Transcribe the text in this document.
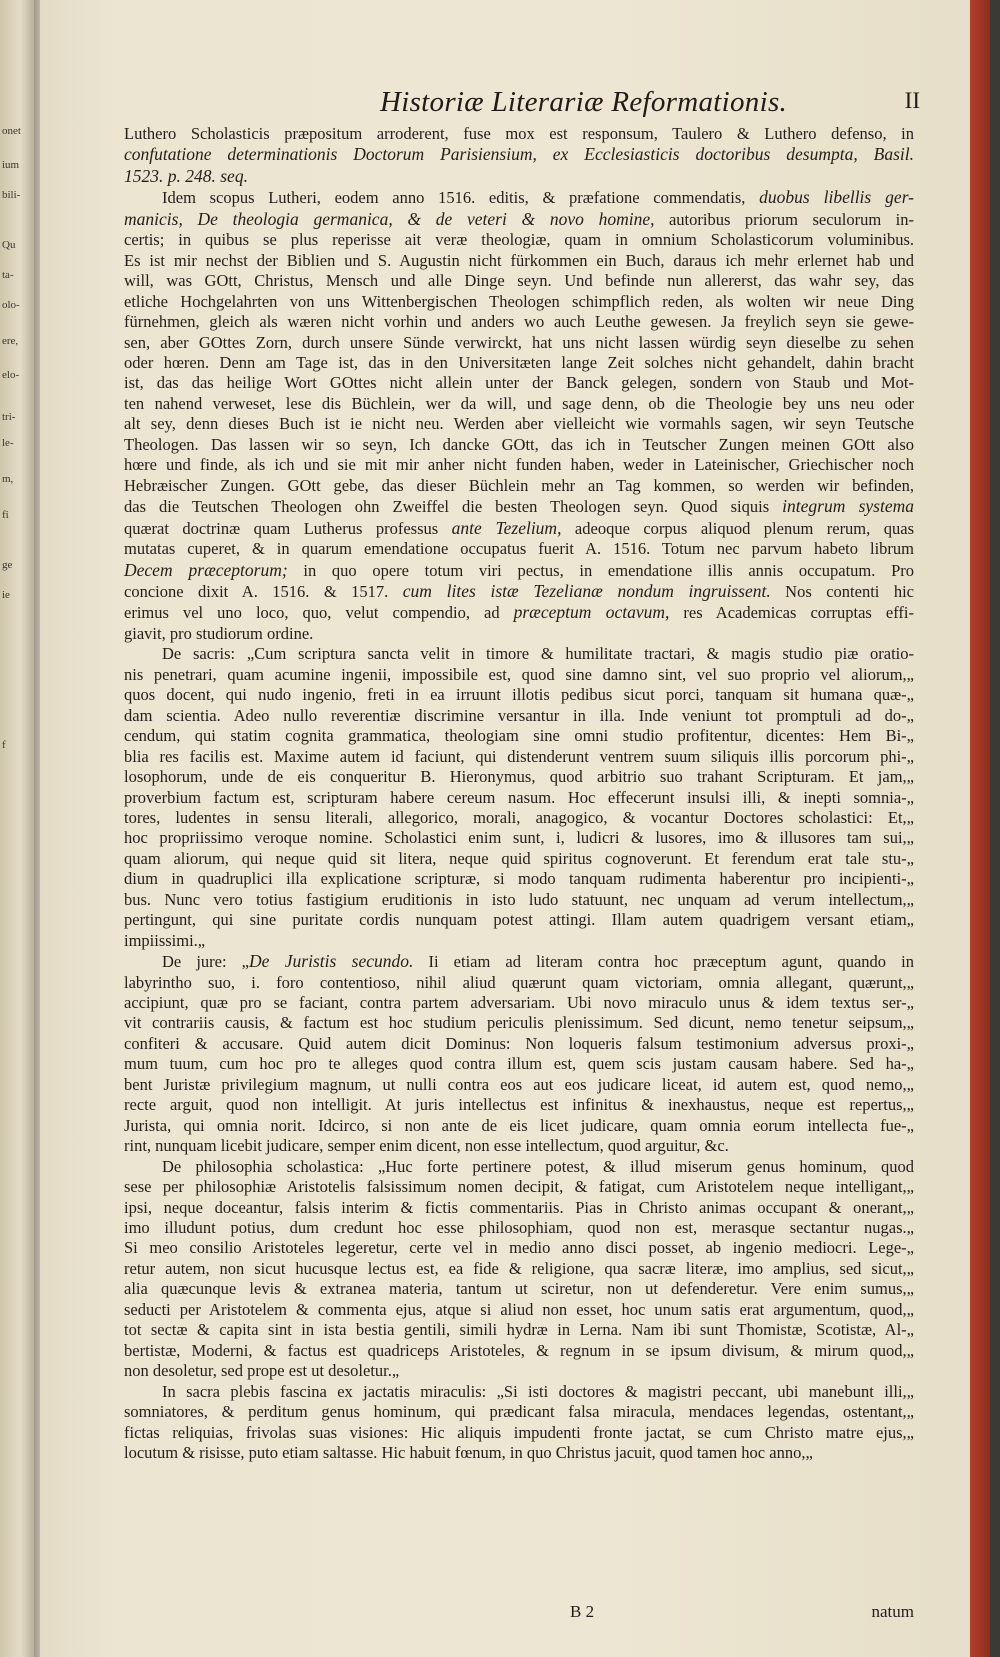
onet
ium
bili-
Qu
ta-
olo-
ere,
elo-
tri-
le-
m,
fi
ge
ie
f
Historiæ Literariæ Reformationis.	II

Luthero Scholasticis præpositum arroderent, fuse mox est responsum, Taulero & Luthero defenso, in

confutatione determinationis Doctorum Parisiensium, ex Ecclesiasticis doctoribus desumpta, Basil.

1523. p. 248. seq.

Idem scopus Lutheri, eodem anno 1516. editis, & præfatione commendatis, duobus libellis ger-

manicis, De theologia germanica, & de veteri & novo homine, autoribus priorum seculorum in-

certis; in quibus se plus reperisse ait veræ theologiæ, quam in omnium Scholasticorum voluminibus.

Es ist mir nechst der Biblien und S. Augustin nicht fürkommen ein Buch, daraus ich mehr erlernet hab und

will, was GOtt, Christus, Mensch und alle Dinge seyn. Und befinde nun allererst, das wahr sey, das

etliche Hochgelahrten von uns Wittenbergischen Theologen schimpflich reden, als wolten wir neue Ding

fürnehmen, gleich als wæren nicht vorhin und anders wo auch Leuthe gewesen. Ja freylich seyn sie gewe-

sen, aber GOttes Zorn, durch unsere Sünde verwirckt, hat uns nicht lassen würdig seyn dieselbe zu sehen

oder hœren. Denn am Tage ist, das in den Universitæten lange Zeit solches nicht gehandelt, dahin bracht

ist, das das heilige Wort GOttes nicht allein unter der Banck gelegen, sondern von Staub und Mot-

ten nahend verweset, lese dis Büchlein, wer da will, und sage denn, ob die Theologie bey uns neu oder

alt sey, denn dieses Buch ist ie nicht neu. Werden aber vielleicht wie vormahls sagen, wir seyn Teutsche

Theologen. Das lassen wir so seyn, Ich dancke GOtt, das ich in Teutscher Zungen meinen GOtt also

hœre und finde, als ich und sie mit mir anher nicht funden haben, weder in Lateinischer, Griechischer noch

Hebræischer Zungen. GOtt gebe, das dieser Büchlein mehr an Tag kommen, so werden wir befinden,

das die Teutschen Theologen ohn Zweiffel die besten Theologen seyn. Quod siquis integrum systema

quærat doctrinæ quam Lutherus professus ante Tezelium, adeoque corpus aliquod plenum rerum, quas

mutatas cuperet, & in quarum emendatione occupatus fuerit A. 1516. Totum nec parvum habeto librum

Decem præceptorum; in quo opere totum viri pectus, in emendatione illis annis occupatum. Pro

concione dixit A. 1516. & 1517. cum lites istæ Tezelianæ nondum ingruissent. Nos contenti hic

erimus vel uno loco, quo, velut compendio, ad præceptum octavum, res Academicas corruptas effi-

giavit, pro studiorum ordine.

De sacris: „Cum scriptura sancta velit in timore & humilitate tractari, & magis studio piæ oratio-

nis penetrari, quam acumine ingenii, impossibile est, quod sine damno sint, vel suo proprio vel aliorum,„

quos docent, qui nudo ingenio, freti in ea irruunt illotis pedibus sicut porci, tanquam sit humana quæ-„

dam scientia. Adeo nullo reverentiæ discrimine versantur in illa. Inde veniunt tot promptuli ad do-„

cendum, qui statim cognita grammatica, theologiam sine omni studio profitentur, dicentes: Hem Bi-„

blia res facilis est. Maxime autem id faciunt, qui distenderunt ventrem suum siliquis illis porcorum phi-„

losophorum, unde de eis conqueritur B. Hieronymus, quod arbitrio suo trahant Scripturam. Et jam,„

proverbium factum est, scripturam habere cereum nasum. Hoc effecerunt insulsi illi, & inepti somnia-„

tores, ludentes in sensu literali, allegorico, morali, anagogico, & vocantur Doctores scholastici: Et,„

hoc propriissimo veroque nomine. Scholastici enim sunt, i, ludicri & lusores, imo & illusores tam sui,„

quam aliorum, qui neque quid sit litera, neque quid spiritus cognoverunt. Et ferendum erat tale stu-„

dium in quadruplici illa explicatione scripturæ, si modo tanquam rudimenta haberentur pro incipienti-„

bus. Nunc vero totius fastigium eruditionis in isto ludo statuunt, nec unquam ad verum intellectum,„

pertingunt, qui sine puritate cordis nunquam potest attingi. Illam autem quadrigem versant etiam„

impiissimi.„

De jure: „De Juristis secundo. Ii etiam ad literam contra hoc præceptum agunt, quando in

labyrintho suo, i. foro contentioso, nihil aliud quærunt quam victoriam, omnia allegant, quærunt,„

accipiunt, quæ pro se faciant, contra partem adversariam. Ubi novo miraculo unus & idem textus ser-„

vit contrariis causis, & factum est hoc studium periculis plenissimum. Sed dicunt, nemo tenetur seipsum,„

confiteri & accusare. Quid autem dicit Dominus: Non loqueris falsum testimonium adversus proxi-„

mum tuum, cum hoc pro te alleges quod contra illum est, quem scis justam causam habere. Sed ha-„

bent Juristæ privilegium magnum, ut nulli contra eos aut eos judicare liceat, id autem est, quod nemo,„

recte arguit, quod non intelligit. At juris intellectus est infinitus & inexhaustus, neque est repertus,„

Jurista, qui omnia norit. Idcirco, si non ante de eis licet judicare, quam omnia eorum intellecta fue-„

rint, nunquam licebit judicare, semper enim dicent, non esse intellectum, quod arguitur, &c.

De philosophia scholastica: „Huc forte pertinere potest, & illud miserum genus hominum, quod

sese per philosophiæ Aristotelis falsissimum nomen decipit, & fatigat, cum Aristotelem neque intelligant,„

ipsi, neque doceantur, falsis interim & fictis commentariis. Pias in Christo animas occupant & onerant,„

imo illudunt potius, dum credunt hoc esse philosophiam, quod non est, merasque sectantur nugas.„

Si meo consilio Aristoteles legeretur, certe vel in medio anno disci posset, ab ingenio mediocri. Lege-„

retur autem, non sicut hucusque lectus est, ea fide & religione, qua sacræ literæ, imo amplius, sed sicut,„

alia quæcunque levis & extranea materia, tantum ut sciretur, non ut defenderetur. Vere enim sumus,„

seducti per Aristotelem & commenta ejus, atque si aliud non esset, hoc unum satis erat argumentum, quod,„

tot sectæ & capita sint in ista bestia gentili, simili hydræ in Lerna. Nam ibi sunt Thomistæ, Scotistæ, Al-„

bertistæ, Moderni, & factus est quadriceps Aristoteles, & regnum in se ipsum divisum, & mirum quod,„

non desoletur, sed prope est ut desoletur.„

In sacra plebis fascina ex jactatis miraculis: „Si isti doctores & magistri peccant, ubi manebunt illi,„

somniatores, & perditum genus hominum, qui prædicant falsa miracula, mendaces legendas, ostentant,„

fictas reliquias, frivolas suas visiones: Hic aliquis impudenti fronte jactat, se cum Christo matre ejus,„

locutum & risisse, puto etiam saltasse. Hic habuit fœnum, in quo Christus jacuit, quod tamen hoc anno,„

B 2	natum
